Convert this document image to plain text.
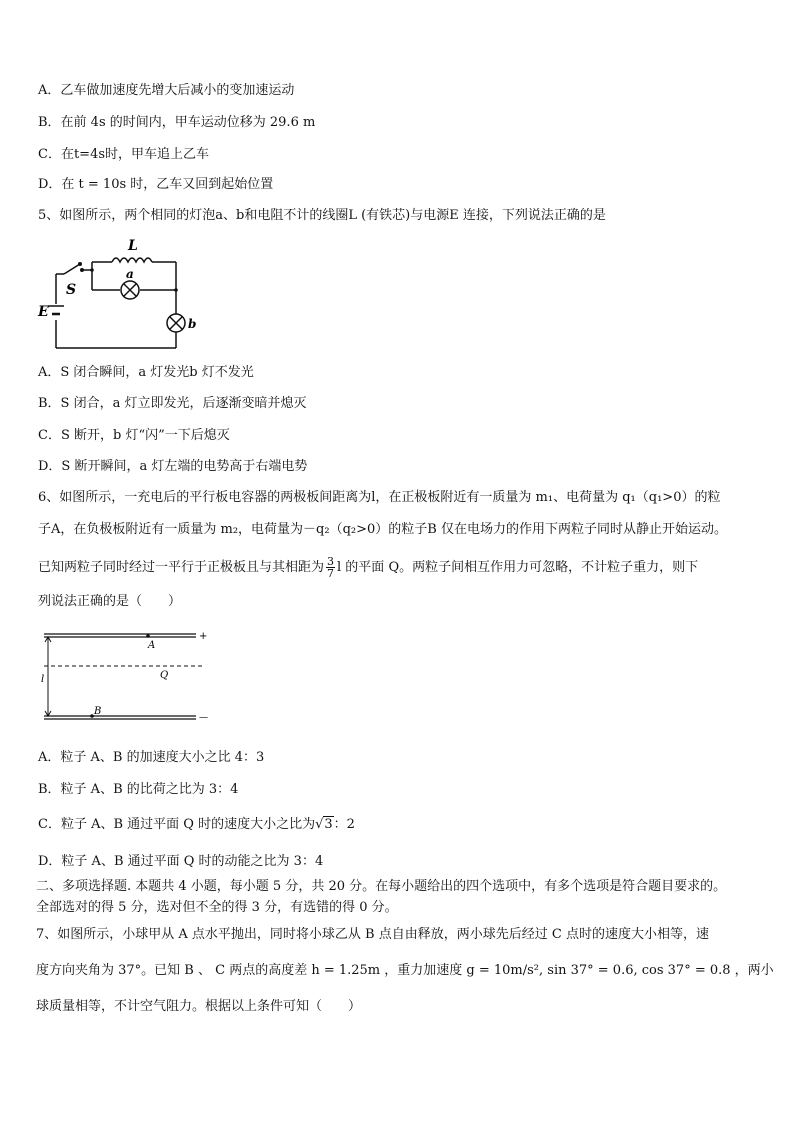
A．乙车做加速度先增大后减小的变加速运动
B．在前 4s 的时间内，甲车运动位移为 29.6 m
C．在t=4s时，甲车追上乙车
D．在 t = 10s 时，乙车又回到起始位置
5、如图所示，两个相同的灯泡a、b和电阻不计的线圈L (有铁芯)与电源E 连接，下列说法正确的是
L
a
b
S
E
A．S 闭合瞬间，a 灯发光b 灯不发光
B．S 闭合，a 灯立即发光，后逐渐变暗并熄灭
C．S 断开，b 灯“闪”一下后熄灭
D．S 断开瞬间，a 灯左端的电势高于右端电势
6、如图所示，一充电后的平行板电容器的两极板间距离为l，在正极板附近有一质量为 m₁、电荷量为 q₁（q₁>0）的粒
子A，在负极板附近有一质量为 m₂，电荷量为－q₂（q₂>0）的粒子B 仅在电场力的作用下两粒子同时从静止开始运动。
已知两粒子同时经过一平行于正极板且与其相距为 $\frac{3}{7}$ l 的平面 Q。两粒子间相互作用力可忽略，不计粒子重力，则下
列说法正确的是（　　）
A
Q
B
l
+
—
A．粒子 A、B 的加速度大小之比 4：3
B．粒子 A、B 的比荷之比为 3：4
C．粒子 A、B 通过平面 Q 时的速度大小之比为√3：2
D．粒子 A、B 通过平面 Q 时的动能之比为 3：4
二、多项选择题. 本题共 4 小题，每小题 5 分，共 20 分。在每小题给出的四个选项中，有多个选项是符合题目要求的。
全部选对的得 5 分，选对但不全的得 3 分，有选错的得 0 分。
7、如图所示，小球甲从 A 点水平抛出，同时将小球乙从 B 点自由释放，两小球先后经过 C 点时的速度大小相等，速
度方向夹角为 37°。已知 B 、 C 两点的高度差 h = 1.25m ，重力加速度 g = 10m/s², sin 37° = 0.6, cos 37° = 0.8 ，两小
球质量相等，不计空气阻力。根据以上条件可知（　　）
